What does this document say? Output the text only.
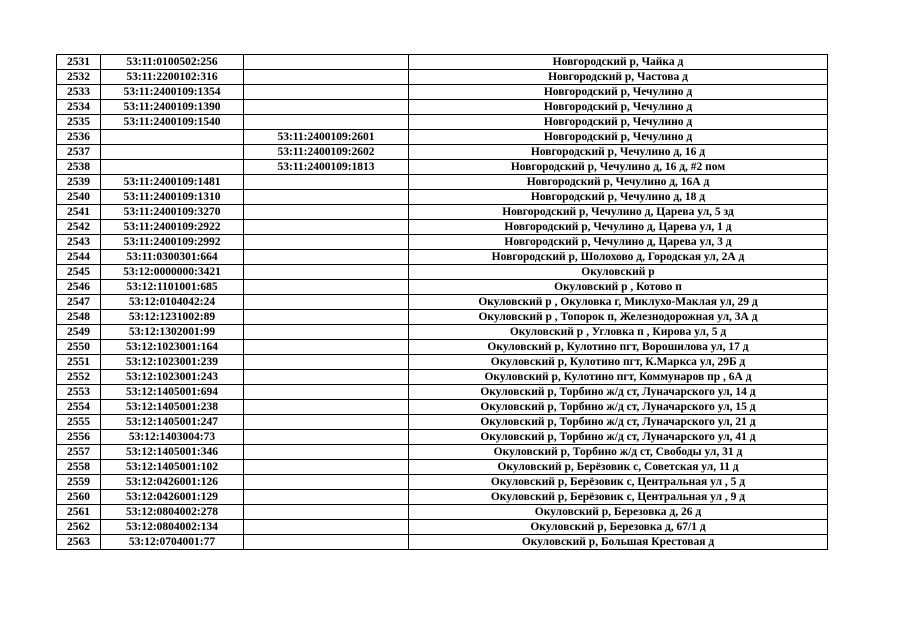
2531	53:11:0100502:256		Новгородский р, Чайка д
2532	53:11:2200102:316		Новгородский р, Частова д
2533	53:11:2400109:1354		Новгородский р, Чечулино д
2534	53:11:2400109:1390		Новгородский р, Чечулино д
2535	53:11:2400109:1540		Новгородский р, Чечулино д
2536		53:11:2400109:2601	Новгородский р, Чечулино д
2537		53:11:2400109:2602	Новгородский р, Чечулино д, 16 д
2538		53:11:2400109:1813	Новгородский р, Чечулино д, 16 д, #2 пом
2539	53:11:2400109:1481		Новгородский р, Чечулино д, 16А д
2540	53:11:2400109:1310		Новгородский р, Чечулино д, 18 д
2541	53:11:2400109:3270		Новгородский р, Чечулино д, Царева ул, 5 зд
2542	53:11:2400109:2922		Новгородский р, Чечулино д, Царева ул, 1 д
2543	53:11:2400109:2992		Новгородский р, Чечулино д, Царева ул, 3 д
2544	53:11:0300301:664		Новгородский р, Шолохово д, Городская ул, 2А д
2545	53:12:0000000:3421		Окуловский р
2546	53:12:1101001:685		Окуловский р , Котово п
2547	53:12:0104042:24		Окуловский р , Окуловка г, Миклухо-Маклая ул, 29 д
2548	53:12:1231002:89		Окуловский р , Топорок п, Железнодорожная ул, 3А д
2549	53:12:1302001:99		Окуловский р , Угловка п , Кирова ул, 5 д
2550	53:12:1023001:164		Окуловский р, Кулотино пгт, Ворошилова ул, 17 д
2551	53:12:1023001:239		Окуловский р, Кулотино пгт, К.Маркса ул, 29Б д
2552	53:12:1023001:243		Окуловский р, Кулотино пгт, Коммунаров пр , 6А д
2553	53:12:1405001:694		Окуловский р, Торбино ж/д ст, Луначарского ул, 14 д
2554	53:12:1405001:238		Окуловский р, Торбино ж/д ст, Луначарского ул, 15 д
2555	53:12:1405001:247		Окуловский р, Торбино ж/д ст, Луначарского ул, 21 д
2556	53:12:1403004:73		Окуловский р, Торбино ж/д ст, Луначарского ул, 41 д
2557	53:12:1405001:346		Окуловский р, Торбино ж/д ст, Свободы ул, 31 д
2558	53:12:1405001:102		Окуловский р, Берёзовик с, Советская ул, 11 д
2559	53:12:0426001:126		Окуловский р, Берёзовик с, Центральная ул , 5 д
2560	53:12:0426001:129		Окуловский р, Берёзовик с, Центральная ул , 9 д
2561	53:12:0804002:278		Окуловский р, Березовка д, 26 д
2562	53:12:0804002:134		Окуловский р, Березовка д, 67/1 д
2563	53:12:0704001:77		Окуловский р, Большая Крестовая д
